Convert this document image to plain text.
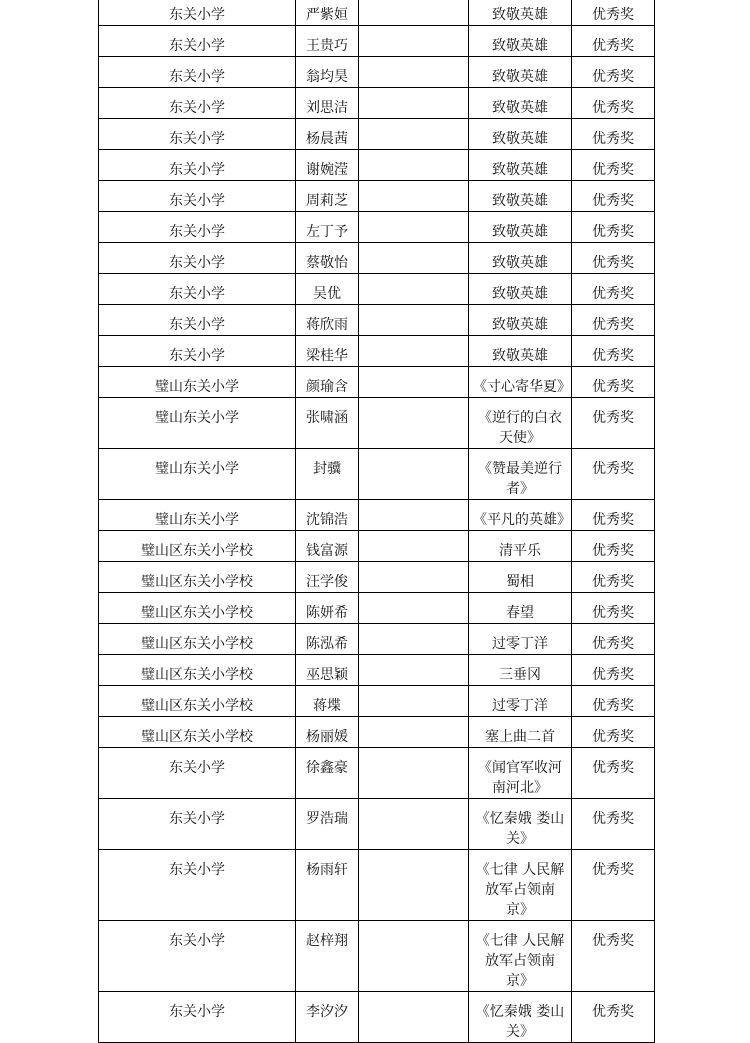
东关小学	严紫姮		致敬英雄	优秀奖
东关小学	王贵巧		致敬英雄	优秀奖
东关小学	翁均昊		致敬英雄	优秀奖
东关小学	刘思洁		致敬英雄	优秀奖
东关小学	杨晨茜		致敬英雄	优秀奖
东关小学	谢婉滢		致敬英雄	优秀奖
东关小学	周莉芝		致敬英雄	优秀奖
东关小学	左丁予		致敬英雄	优秀奖
东关小学	蔡敬怡		致敬英雄	优秀奖
东关小学	吴优		致敬英雄	优秀奖
东关小学	蒋欣雨		致敬英雄	优秀奖
东关小学	梁桂华		致敬英雄	优秀奖
璧山东关小学	颜瑜含		《寸心寄华夏》	优秀奖
璧山东关小学	张啸涵		《逆行的白衣天使》	优秀奖
璧山东关小学	封骥		《赞最美逆行者》	优秀奖
璧山东关小学	沈锦浩		《平凡的英雄》	优秀奖
璧山区东关小学校	钱富源		清平乐	优秀奖
璧山区东关小学校	汪学俊		蜀相	优秀奖
璧山区东关小学校	陈妍希		春望	优秀奖
璧山区东关小学校	陈泓希		过零丁洋	优秀奖
璧山区东关小学校	巫思颖		三垂冈	优秀奖
璧山区东关小学校	蒋堞		过零丁洋	优秀奖
璧山区东关小学校	杨丽媛		塞上曲二首	优秀奖
东关小学	徐鑫豪		《闻官军收河南河北》	优秀奖
东关小学	罗浩瑞		《忆秦娥 娄山关》	优秀奖
东关小学	杨雨轩		《七律 人民解放军占领南京》	优秀奖
东关小学	赵梓翔		《七律 人民解放军占领南京》	优秀奖
东关小学	李汐汐		《忆秦娥 娄山关》	优秀奖
